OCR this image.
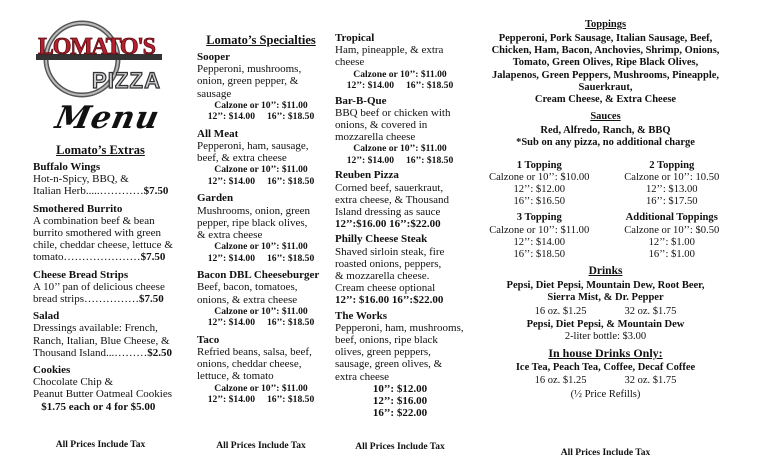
LOMATO'S
PIZZA
Menu
Lomato’s Extras
Buffalo Wings
Hot-n-Spicy, BBQ, &
Italian Herb.....…………$7.50
Smothered Burrito
A combination beef & bean
burrito smothered with green
chile, cheddar cheese, lettuce &
tomato…………………$7.50
Cheese Bread Strips
A 10’’ pan of delicious cheese
bread strips……………$7.50
Salad
Dressings available: French,
Ranch, Italian, Blue Cheese, &
Thousand Island...………$2.50
Cookies
Chocolate Chip &
Peanut Butter Oatmeal Cookies
$1.75 each or 4 for $5.00
All Prices Include Tax
Lomato’s Specialties
Sooper
Pepperoni, mushrooms,
onion, green pepper, &
sausage
Calzone or 10’’: $11.00
12’’: $14.00     16’’: $18.50
All Meat
Pepperoni, ham, sausage,
beef, & extra cheese
Calzone or 10’’: $11.00
12’’: $14.00     16’’: $18.50
Garden
Mushrooms, onion, green
pepper, ripe black olives,
& extra cheese
Calzone or 10’’: $11.00
12’’: $14.00     16’’: $18.50
Bacon DBL Cheeseburger
Beef, bacon, tomatoes,
onions, & extra cheese
Calzone or 10’’: $11.00
12’’: $14.00     16’’: $18.50
Taco
Refried beans, salsa, beef,
onions, cheddar cheese,
lettuce, & tomato
Calzone or 10’’: $11.00
12’’: $14.00     16’’: $18.50
All Prices Include Tax
Tropical
Ham, pineapple, & extra
cheese
Calzone or 10’’: $11.00
12’’: $14.00     16’’: $18.50
Bar-B-Que
BBQ beef or chicken with
onions, & covered in
mozzarella cheese
Calzone or 10’’: $11.00
12’’: $14.00     16’’: $18.50
Reuben Pizza
Corned beef, sauerkraut,
extra cheese, & Thousand
Island dressing as sauce
12’’:$16.00 16’’:$22.00
Philly Cheese Steak
Shaved sirloin steak, fire
roasted onions, peppers,
& mozzarella cheese.
Cream cheese optional
12’’: $16.00 16’’:$22.00
The Works
Pepperoni, ham, mushrooms,
beef, onions, ripe black
olives, green peppers,
sausage, green olives, &
extra cheese
10’’: $12.00
12’’: $16.00
16’’: $22.00
All Prices Include Tax
Toppings
Pepperoni, Pork Sausage, Italian Sausage, Beef,
Chicken, Ham, Bacon, Anchovies, Shrimp, Onions,
Tomato, Green Olives, Ripe Black Olives,
Jalapenos, Green Peppers, Mushrooms, Pineapple,
Sauerkraut,
Cream Cheese, & Extra Cheese
Sauces
Red, Alfredo, Ranch, & BBQ
*Sub on any pizza, no additional charge
1 Topping
Calzone or 10’’: $10.00
12’’: $12.00
16’’: $16.50
2 Topping
Calzone or 10’’: 10.50
12’’: $13.00
16’’: $17.50
3 Topping
Calzone or 10’’: $11.00
12’’: $14.00
16’’: $18.50
Additional Toppings
Calzone or 10’’: $0.50
12’’: $1.00
16’’: $1.00
Drinks
Pepsi, Diet Pepsi, Mountain Dew, Root Beer,
Sierra Mist, & Dr. Pepper
16 oz. $1.25	32 oz. $1.75
Pepsi, Diet Pepsi, & Mountain Dew
2-liter bottle: $3.00
In house Drinks Only:
Ice Tea, Peach Tea, Coffee, Decaf Coffee
16 oz. $1.25	32 oz. $1.75
(½ Price Refills)
All Prices Include Tax
